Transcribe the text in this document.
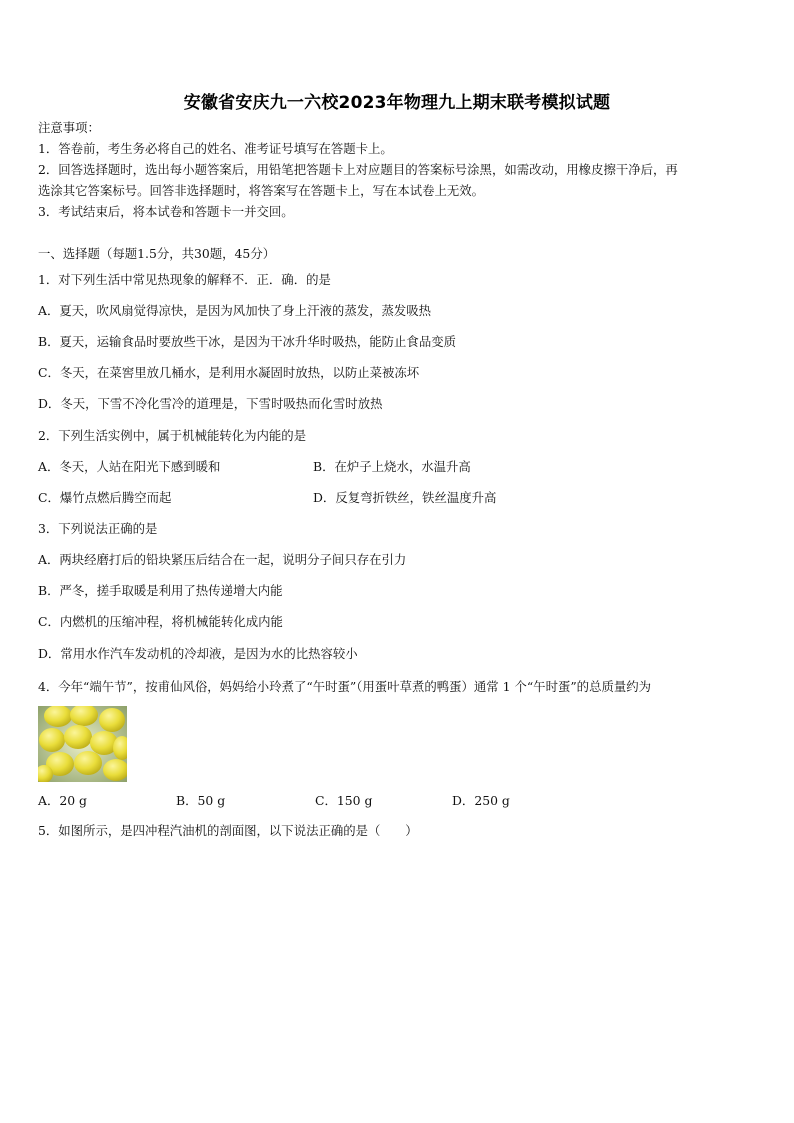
安徽省安庆九一六校2023年物理九上期末联考模拟试题
注意事项：
1．答卷前，考生务必将自己的姓名、准考证号填写在答题卡上。
2．回答选择题时，选出每小题答案后，用铅笔把答题卡上对应题目的答案标号涂黑，如需改动，用橡皮擦干净后，再
选涂其它答案标号。回答非选择题时，将答案写在答题卡上，写在本试卷上无效。
3．考试结束后，将本试卷和答题卡一并交回。
一、选择题（每题1.5分，共30题，45分）
1．对下列生活中常见热现象的解释不．正．确．的是
A．夏天，吹风扇觉得凉快，是因为风加快了身上汗液的蒸发，蒸发吸热
B．夏天，运输食品时要放些干冰，是因为干冰升华时吸热，能防止食品变质
C．冬天，在菜窖里放几桶水，是利用水凝固时放热，以防止菜被冻坏
D．冬天，下雪不冷化雪冷的道理是，下雪时吸热而化雪时放热
2．下列生活实例中，属于机械能转化为内能的是
A．冬天，人站在阳光下感到暖和	B．在炉子上烧水，水温升高
C．爆竹点燃后腾空而起	D．反复弯折铁丝，铁丝温度升高
3．下列说法正确的是
A．两块经磨打后的铅块紧压后结合在一起，说明分子间只存在引力
B．严冬，搓手取暖是利用了热传递增大内能
C．内燃机的压缩冲程，将机械能转化成内能
D．常用水作汽车发动机的冷却液，是因为水的比热容较小
4．今年“端午节”，按甫仙风俗，妈妈给小玲煮了“午时蛋”（用蛋叶草煮的鸭蛋）通常 1 个“午时蛋”的总质量约为
A．20 g	B．50 g	C．150 g	D．250 g
5．如图所示，是四冲程汽油机的剖面图，以下说法正确的是（　　）
